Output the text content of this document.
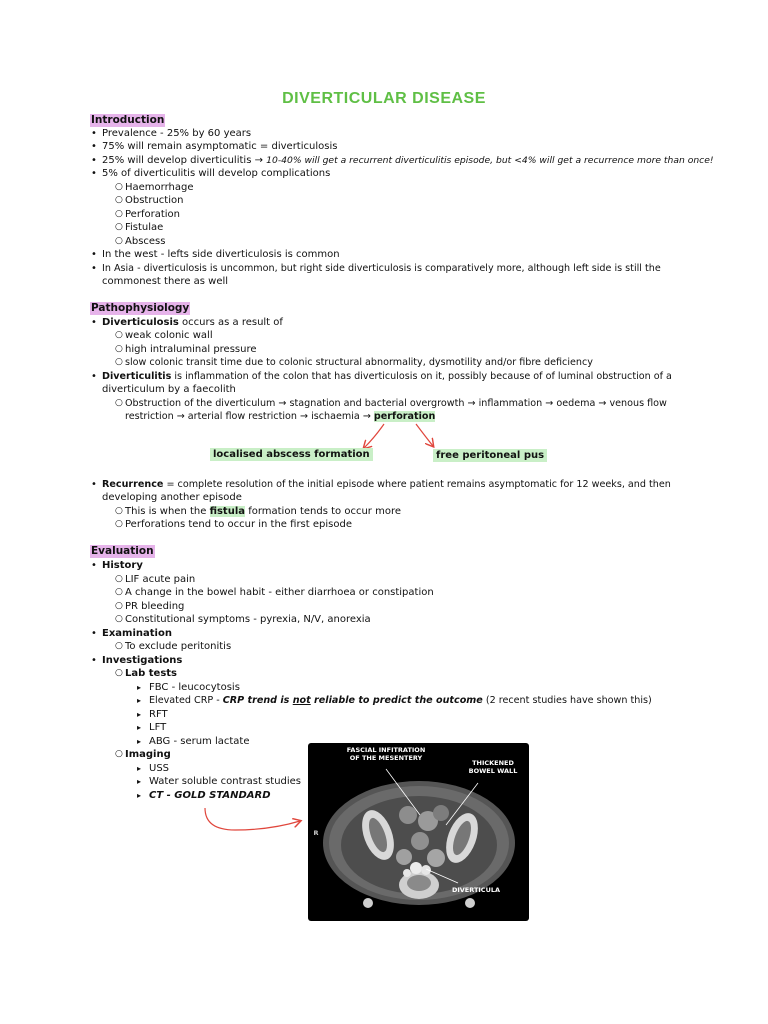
DIVERTICULAR DISEASE
Introduction
• Prevalence - 25% by 60 years
• 75% will remain asymptomatic = diverticulosis
• 25% will develop diverticulitis → 10-40% will get a recurrent diverticulitis episode, but <4% will get a recurrence more than once!
• 5% of diverticulitis will develop complications
○ Haemorrhage
○ Obstruction
○ Perforation
○ Fistulae
○ Abscess
• In the west - lefts side diverticulosis is common
• In Asia - diverticulosis is uncommon, but right side diverticulosis is comparatively more, although left side is still the
commonest there as well
Pathophysiology
• Diverticulosis occurs as a result of
○ weak colonic wall
○ high intraluminal pressure
○ slow colonic transit time due to colonic structural abnormality, dysmotility and/or fibre deficiency
• Diverticulitis is inflammation of the colon that has diverticulosis on it, possibly because of of luminal obstruction of a
diverticulum by a faecolith
○ Obstruction of the diverticulum → stagnation and bacterial overgrowth → inflammation → oedema → venous flow
restriction → arterial flow restriction → ischaemia → perforation
localised abscess formation	free peritoneal pus
• Recurrence = complete resolution of the initial episode where patient remains asymptomatic for 12 weeks, and then
developing another episode
○ This is when the fistula formation tends to occur more
○ Perforations tend to occur in the first episode
Evaluation
• History
○ LIF acute pain
○ A change in the bowel habit - either diarrhoea or constipation
○ PR bleeding
○ Constitutional symptoms - pyrexia, N/V, anorexia
• Examination
○ To exclude peritonitis
• Investigations
○ Lab tests
▸ FBC - leucocytosis
▸ Elevated CRP - CRP trend is not reliable to predict the outcome (2 recent studies have shown this)
▸ RFT
▸ LFT
▸ ABG - serum lactate
○ Imaging
▸ USS
▸ Water soluble contrast studies
▸ CT - GOLD STANDARD
FASCIAL INFITRATION
OF THE MESENTERY
THICKENED
BOWEL WALL
DIVERTICULA
R
